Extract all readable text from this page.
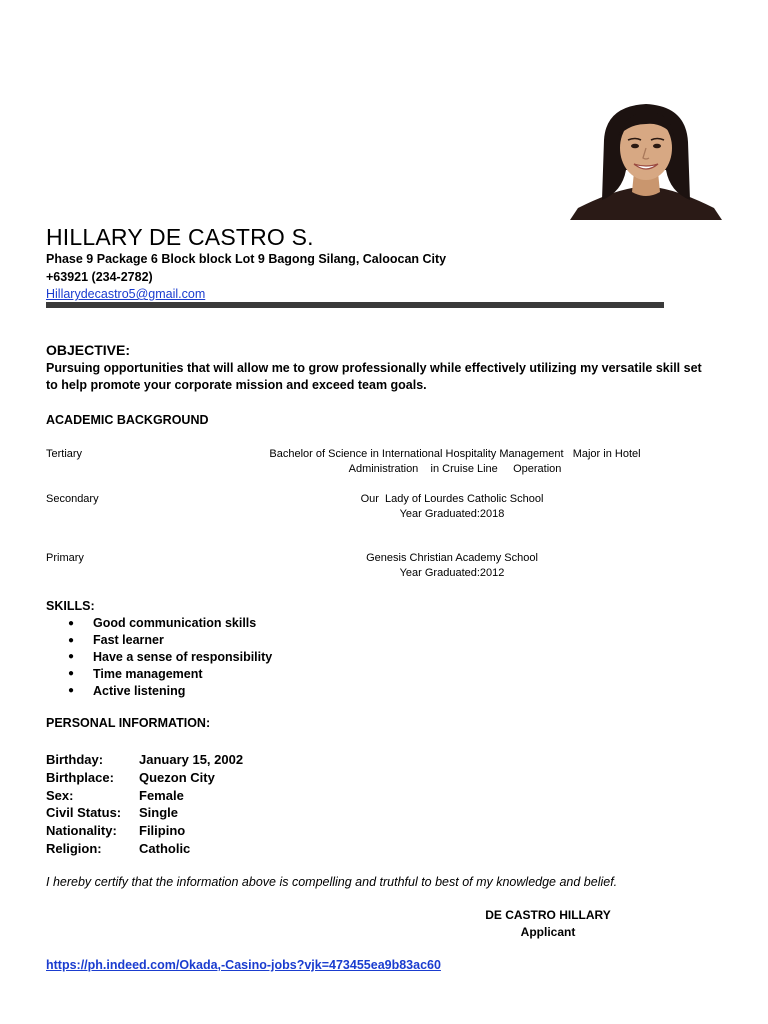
HILLARY DE CASTRO S.
Phase 9 Package 6 Block block Lot 9 Bagong Silang, Caloocan City
+63921 (234-2782)
Hillarydecastro5@gmail.com
OBJECTIVE:
Pursuing opportunities that will allow me to grow professionally while effectively utilizing my versatile skill set to help promote your corporate mission and exceed team goals.
ACADEMIC BACKGROUND
Tertiary	Bachelor of Science in International Hospitality Management   Major in Hotel
Administration    in Cruise Line     Operation
Secondary	Our  Lady of Lourdes Catholic School
Year Graduated:2018
Primary	Genesis Christian Academy School
Year Graduated:2012
SKILLS:
●	Good communication skills
●	Fast learner
●	Have a sense of responsibility
●	Time management
●	Active listening
PERSONAL INFORMATION:
Birthday:	January 15, 2002
Birthplace:	Quezon City
Sex:	Female
Civil Status:	Single
Nationality:	Filipino
Religion:	Catholic
I hereby certify that the information above is compelling and truthful to best of my knowledge and belief.
DE CASTRO HILLARY
Applicant
https://ph.indeed.com/Okada,-Casino-jobs?vjk=473455ea9b83ac60
